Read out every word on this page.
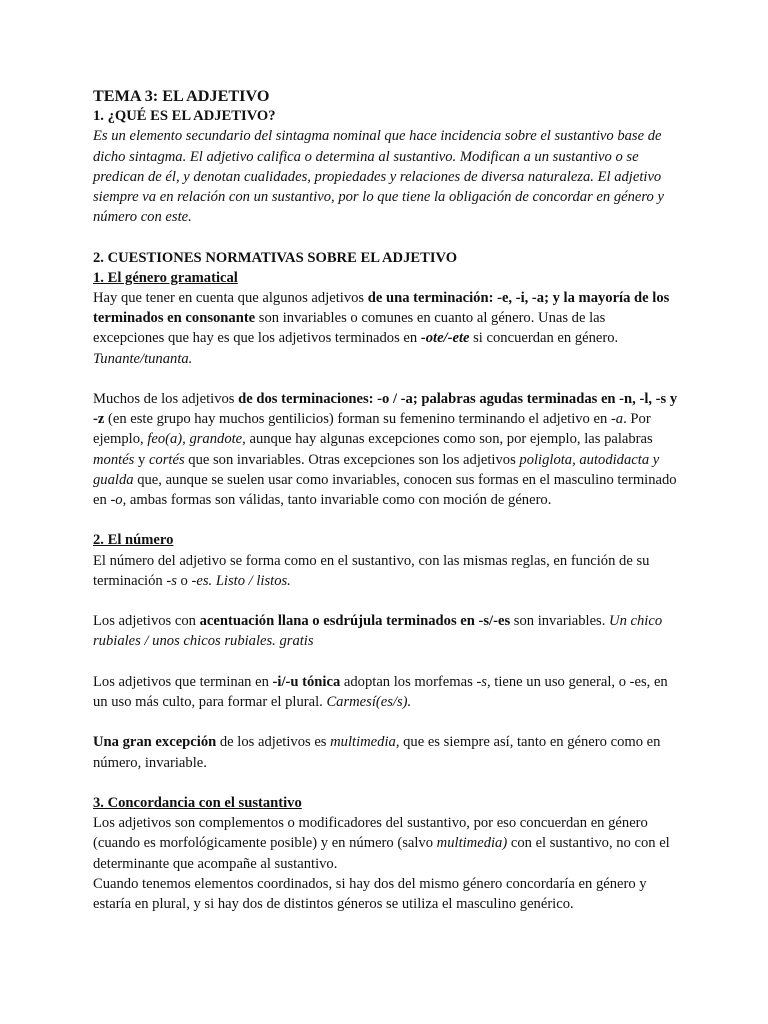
TEMA 3: EL ADJETIVO
1. ¿QUÉ ES EL ADJETIVO?

Es un elemento secundario del sintagma nominal que hace incidencia sobre el sustantivo base de dicho sintagma. El adjetivo califica o determina al sustantivo. Modifican a un sustantivo o se predican de él, y denotan cualidades, propiedades y relaciones de diversa naturaleza. El adjetivo siempre va en relación con un sustantivo, por lo que tiene la obligación de concordar en género y número con este.

2. CUESTIONES NORMATIVAS SOBRE EL ADJETIVO
1. El género gramatical

Hay que tener en cuenta que algunos adjetivos de una terminación: -e, -i, -a; y la mayoría de los terminados en consonante son invariables o comunes en cuanto al género. Unas de las excepciones que hay es que los adjetivos terminados en -ote/-ete si concuerdan en género. Tunante/tunanta.

Muchos de los adjetivos de dos terminaciones: -o / -a; palabras agudas terminadas en -n, -l, -s y -z (en este grupo hay muchos gentilicios) forman su femenino terminando el adjetivo en -a. Por ejemplo, feo(a), grandote, aunque hay algunas excepciones como son, por ejemplo, las palabras montés y cortés que son invariables. Otras excepciones son los adjetivos poliglota, autodidacta y gualda que, aunque se suelen usar como invariables, conocen sus formas en el masculino terminado en -o, ambas formas son válidas, tanto invariable como con moción de género.

2. El número

El número del adjetivo se forma como en el sustantivo, con las mismas reglas, en función de su terminación -s o -es. Listo / listos.

Los adjetivos con acentuación llana o esdrújula terminados en -s/-es son invariables. Un chico rubiales / unos chicos rubiales. gratis

Los adjetivos que terminan en -i/-u tónica adoptan los morfemas -s, tiene un uso general, o -es, en un uso más culto, para formar el plural. Carmesí(es/s).

Una gran excepción de los adjetivos es multimedia, que es siempre así, tanto en género como en número, invariable.

3. Concordancia con el sustantivo

Los adjetivos son complementos o modificadores del sustantivo, por eso concuerdan en género (cuando es morfológicamente posible) y en número (salvo multimedia) con el sustantivo, no con el determinante que acompañe al sustantivo.

Cuando tenemos elementos coordinados, si hay dos del mismo género concordaría en género y estaría en plural, y si hay dos de distintos géneros se utiliza el masculino genérico.
